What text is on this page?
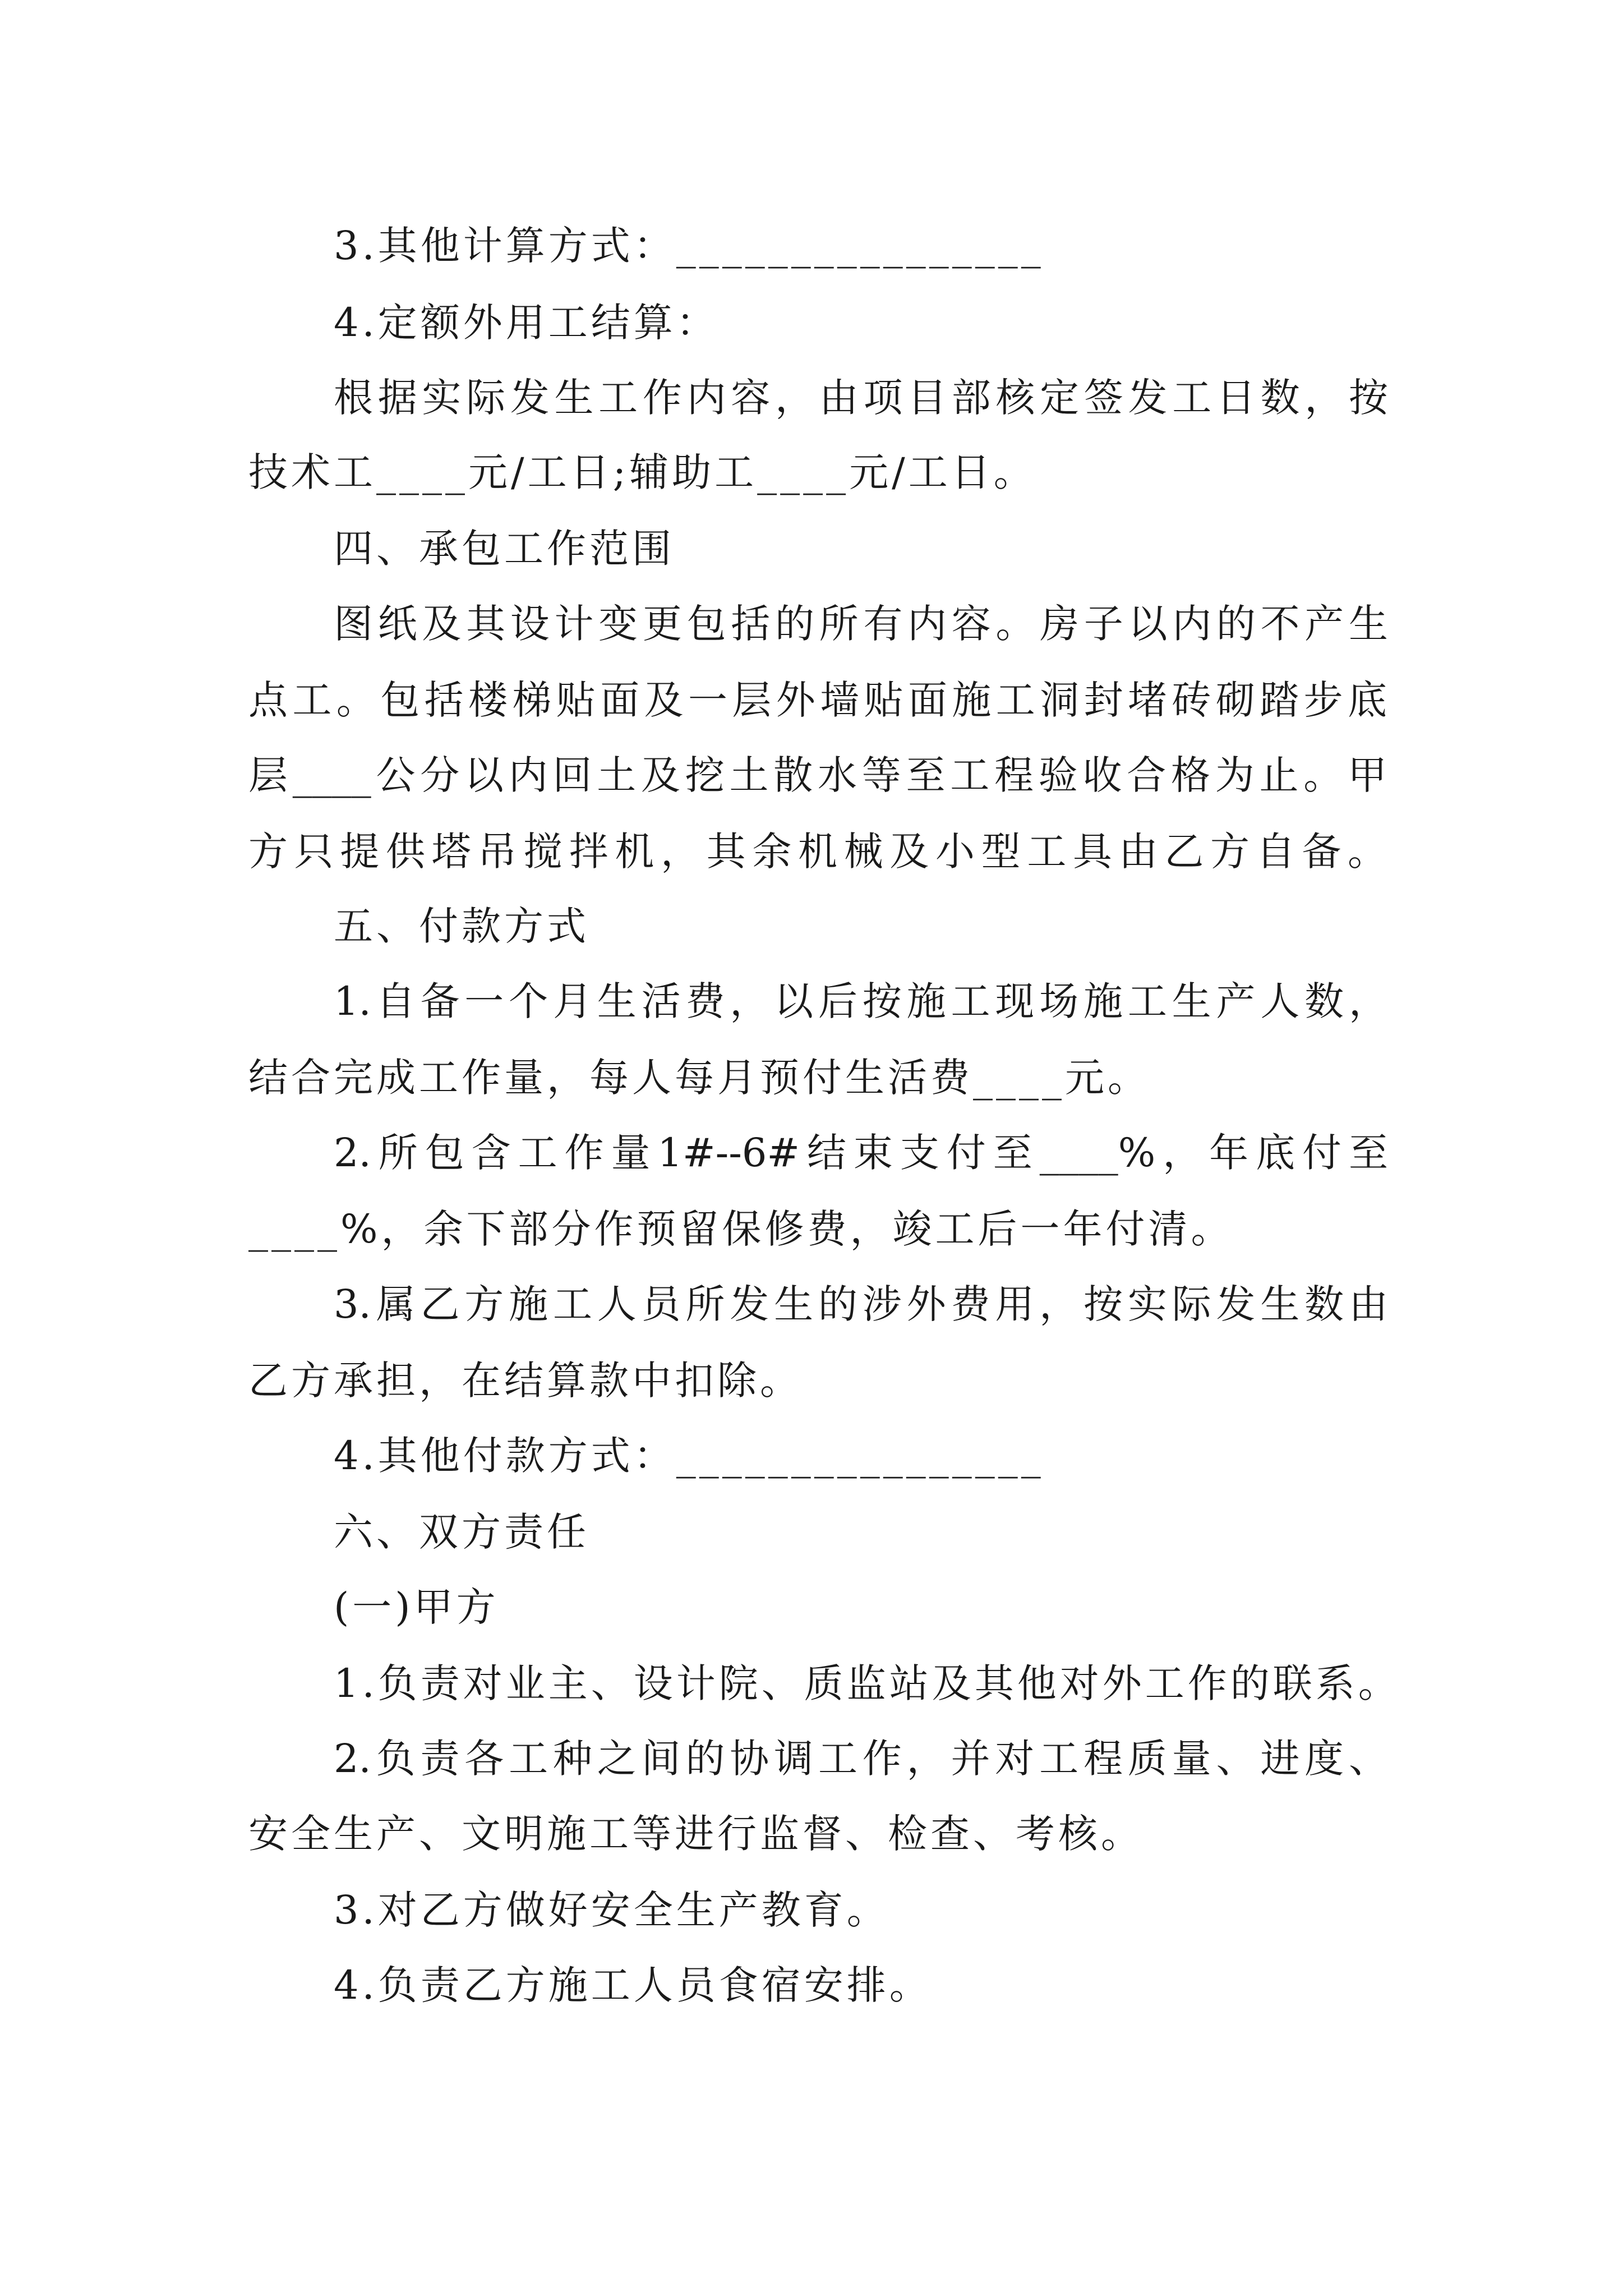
3.其他计算方式：________________
4.定额外用工结算：
根据实际发生工作内容，由项目部核定签发工日数，按
技术工____元/工日;辅助工____元/工日。
四、承包工作范围
图纸及其设计变更包括的所有内容。房子以内的不产生
点工。包括楼梯贴面及一层外墙贴面施工洞封堵砖砌踏步底
层____公分以内回土及挖土散水等至工程验收合格为止。甲
方只提供塔吊搅拌机，其余机械及小型工具由乙方自备。
五、付款方式
1.自备一个月生活费，以后按施工现场施工生产人数，
结合完成工作量，每人每月预付生活费____元。
2.所包含工作量1#--6#结束支付至____%，年底付至
____%，余下部分作预留保修费，竣工后一年付清。
3.属乙方施工人员所发生的涉外费用，按实际发生数由
乙方承担，在结算款中扣除。
4.其他付款方式：________________
六、双方责任
(一)甲方
1.负责对业主、设计院、质监站及其他对外工作的联系。
2.负责各工种之间的协调工作，并对工程质量、进度、
安全生产、文明施工等进行监督、检查、考核。
3.对乙方做好安全生产教育。
4.负责乙方施工人员食宿安排。
